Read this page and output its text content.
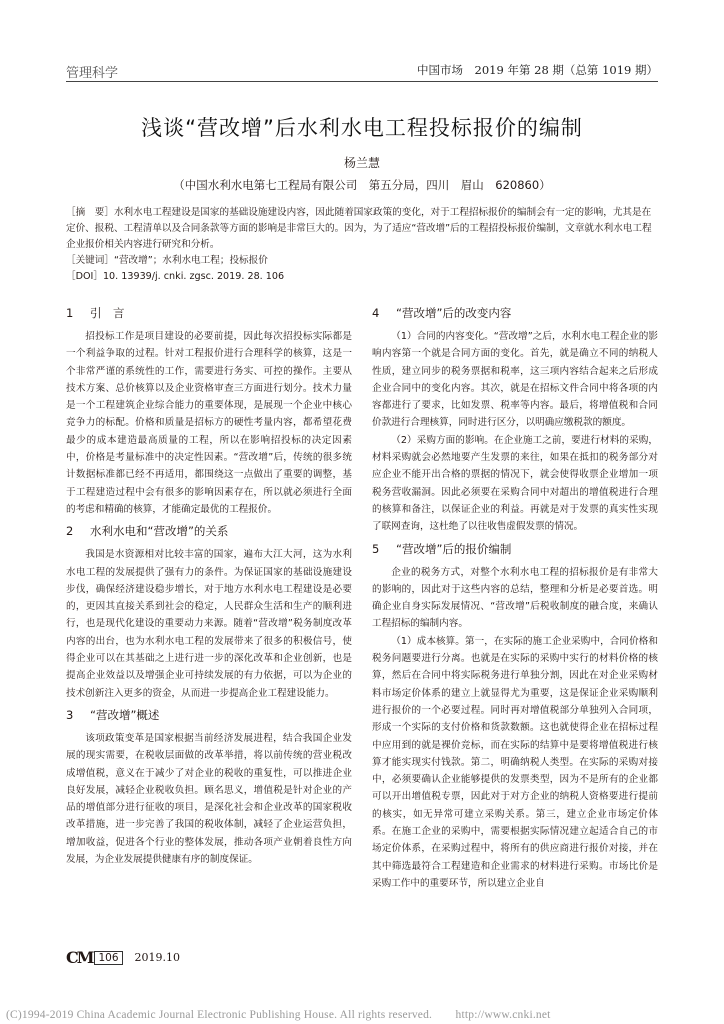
管理科学	中国市场　2019 年第 28 期（总第 1019 期）
浅谈“营改增”后水利水电工程投标报价的编制
杨兰慧
（中国水利水电第七工程局有限公司　第五分局，四川　眉山　620860）

［摘　要］水利水电工程建设是国家的基础设施建设内容，因此随着国家政策的变化，对于工程招标报价的编制会有一定的影响，尤其是在定价、报税、工程清单以及合同条款等方面的影响是非常巨大的。因为，为了适应“营改增”后的工程招投标报价编制，文章就水利水电工程企业报价相关内容进行研究和分析。

［关键词］“营改增”；水利水电工程；投标报价

［DOI］10. 13939/j. cnki. zgsc. 2019. 28. 106

1 引　言

招投标工作是项目建设的必要前提，因此每次招投标实际都是一个利益争取的过程。针对工程报价进行合理科学的核算，这是一个非常严谨的系统性的工作，需要进行务实、可控的操作。主要从技术方案、总价核算以及企业资格审查三方面进行划分。技术力量是一个工程建筑企业综合能力的重要体现，是展现一个企业中核心竞争力的标配。价格和质量是招标方的硬性考量内容，都希望花费最少的成本建造最高质量的工程，所以在影响招投标的决定因素中，价格是考量标准中的决定性因素。“营改增”后，传统的很多统计数据标准都已经不再适用，都围绕这一点做出了重要的调整，基于工程建造过程中会有很多的影响因素存在，所以就必须进行全面的考虑和精确的核算，才能确定最优的工程报价。

2 水利水电和“营改增”的关系

我国是水资源相对比较丰富的国家，遍布大江大河，这为水利水电工程的发展提供了强有力的条件。为保证国家的基础设施建设步伐，确保经济建设稳步增长，对于地方水利水电工程建设是必要的，更因其直接关系到社会的稳定，人民群众生活和生产的顺利进行，也是现代化建设的重要动力来源。随着“营改增”税务制度改革内容的出台，也为水利水电工程的发展带来了很多的积极信号，使得企业可以在其基础之上进行进一步的深化改革和企业创新，也是提高企业效益以及增强企业可持续发展的有力依据，可以为企业的技术创新注入更多的资金，从而进一步提高企业工程建设能力。

3 “营改增”概述

该项政策变革是国家根据当前经济发展进程，结合我国企业发展的现实需要，在税收层面做的改革举措，将以前传统的营业税改成增值税，意义在于减少了对企业的税收的重复性，可以推进企业良好发展，减轻企业税收负担。顾名思义，增值税是针对企业的产品的增值部分进行征收的项目，是深化社会和企业改革的国家税收改革措施，进一步完善了我国的税收体制，减轻了企业运营负担，增加收益，促进各个行业的整体发展，推动各项产业朝着良性方向发展，为企业发展提供健康有序的制度保证。

4 “营改增”后的改变内容

（1）合同的内容变化。“营改增”之后，水利水电工程企业的影响内容第一个就是合同方面的变化。首先，就是确立不同的纳税人性质，建立同步的税务票据和税率，这三项内容结合起来之后形成企业合同中的变化内容。其次，就是在招标文件合同中将各项的内容都进行了要求，比如发票、税率等内容。最后，将增值税和合同价款进行合理核算，同时进行区分，以明确应缴税款的额度。

（2）采购方面的影响。在企业施工之前，要进行材料的采购，材料采购就会必然地要产生发票的来往，如果在抵扣的税务部分对应企业不能开出合格的票据的情况下，就会使得收票企业增加一项税务营收漏洞。因此必须要在采购合同中对超出的增值税进行合理的核算和备注，以保证企业的利益。再就是对于发票的真实性实现了联网查询，这杜绝了以往收售虚假发票的情况。

5 “营改增”后的报价编制

企业的税务方式，对整个水利水电工程的招标报价是有非常大的影响的，因此对于这些内容的总结，整理和分析是必要首选。明确企业自身实际发展情况、“营改增”后税收制度的融合度，来确认工程招标的编制内容。

（1）成本核算。第一，在实际的施工企业采购中，合同价格和税务问题要进行分离。也就是在实际的采购中实行的材料价格的核算，然后在合同中将实际税务进行单独分割，因此在对企业采购材料市场定价体系的建立上就显得尤为重要，这是保证企业采购顺利进行报价的一个必要过程。同时再对增值税部分单独列入合同项，形成一个实际的支付价格和货款数额。这也就使得企业在招标过程中应用到的就是裸价竞标，而在实际的结算中是要将增值税进行核算才能实现实付钱款。第二，明确纳税人类型。在实际的采购对接中，必须要确认企业能够提供的发票类型，因为不是所有的企业都可以开出增值税专票，因此对于对方企业的纳税人资格要进行提前的核实，如无异常可建立采购关系。第三，建立企业市场定价体系。在施工企业的采购中，需要根据实际情况建立起适合自己的市场定价体系，在采购过程中，将所有的供应商进行报价对接，并在其中筛选最符合工程建造和企业需求的材料进行采购。市场比价是采购工作中的重要环节，所以建立企业自

CM 106 2019.10
(C)1994-2019 China Academic Journal Electronic Publishing House. All rights reserved.　　http://www.cnki.net
